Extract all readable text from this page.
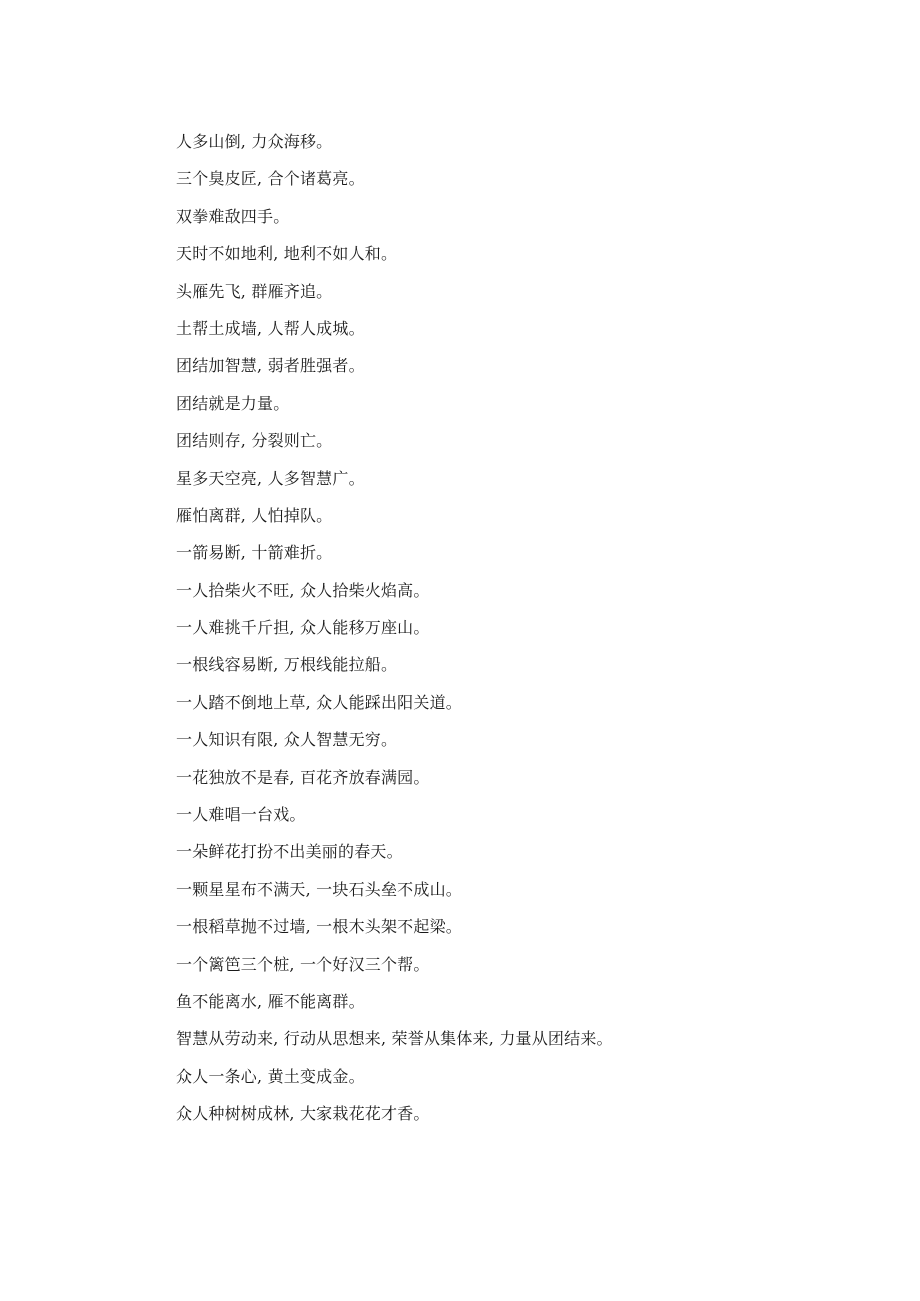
人多山倒, 力众海移。
三个臭皮匠, 合个诸葛亮。
双拳难敌四手。
天时不如地利, 地利不如人和。
头雁先飞, 群雁齐追。
土帮土成墙, 人帮人成城。
团结加智慧, 弱者胜强者。
团结就是力量。
团结则存, 分裂则亡。
星多天空亮, 人多智慧广。
雁怕离群, 人怕掉队。
一箭易断, 十箭难折。
一人拾柴火不旺, 众人拾柴火焰高。
一人难挑千斤担, 众人能移万座山。
一根线容易断, 万根线能拉船。
一人踏不倒地上草, 众人能踩出阳关道。
一人知识有限, 众人智慧无穷。
一花独放不是春, 百花齐放春满园。
一人难唱一台戏。
一朵鲜花打扮不出美丽的春天。
一颗星星布不满天, 一块石头垒不成山。
一根稻草抛不过墙, 一根木头架不起梁。
一个篱笆三个桩, 一个好汉三个帮。
鱼不能离水, 雁不能离群。
智慧从劳动来, 行动从思想来, 荣誉从集体来, 力量从团结来。
众人一条心, 黄土变成金。
众人种树树成林, 大家栽花花才香。
